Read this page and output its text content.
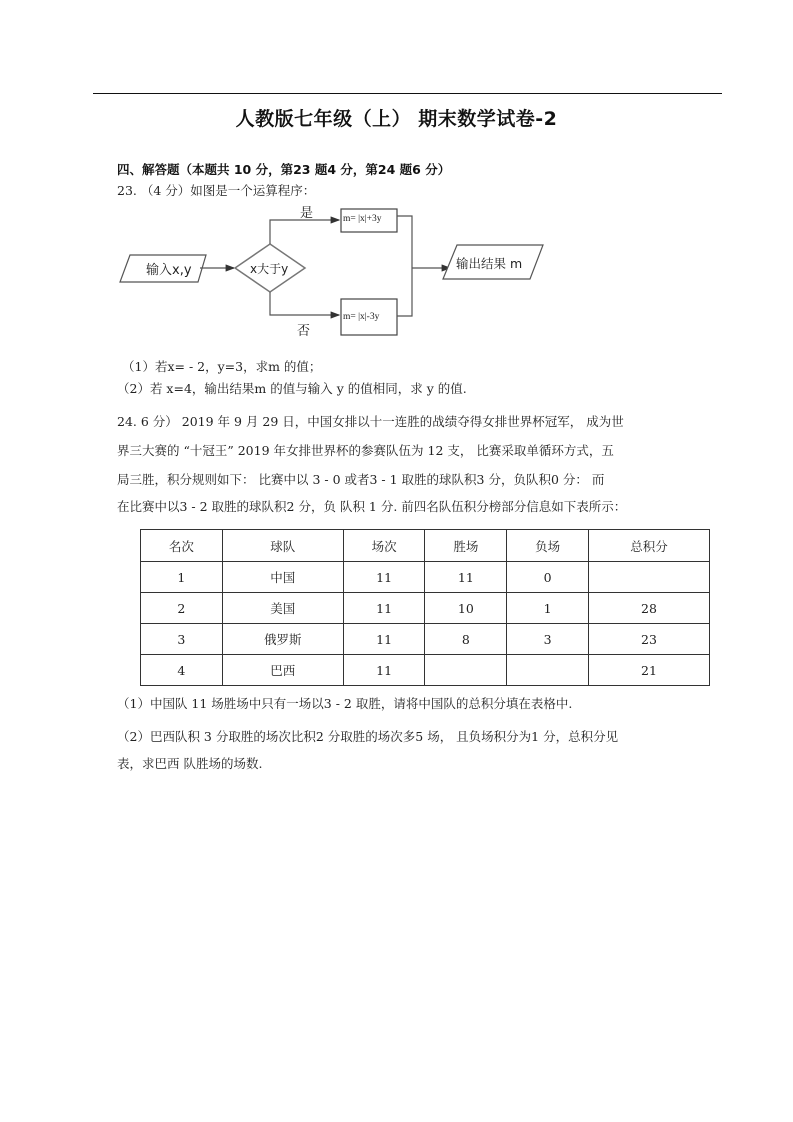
人教版七年级（上） 期末数学试卷-2
四、解答题（本题共 10 分，第23 题4 分，第24 题6 分）
23. （4 分）如图是一个运算程序：
输入x,y	x大于y
是
否
m= |x|+3y
m= |x|-3y
输出结果 m
（1）若x= - 2，y=3，求m 的值；
（2）若 x=4，输出结果m 的值与输入 y 的值相同，求 y 的值.
24. 6 分） 2019 年 9 月 29 日，中国女排以十一连胜的战绩夺得女排世界杯冠军， 成为世
界三大赛的 “十冠王” 2019 年女排世界杯的参赛队伍为 12 支， 比赛采取单循环方式，五
局三胜，积分规则如下： 比赛中以 3 - 0 或者3 - 1 取胜的球队积3 分，负队积0 分： 而
在比赛中以3 - 2 取胜的球队积2 分，负 队积 1 分. 前四名队伍积分榜部分信息如下表所示：
名次	球队	场次	胜场	负场	总积分
1	中国	11	11	0	
2	美国	11	10	1	28
3	俄罗斯	11	8	3	23
4	巴西	11			21
（1）中国队 11 场胜场中只有一场以3 - 2 取胜，请将中国队的总积分填在表格中.
（2）巴西队积 3 分取胜的场次比积2 分取胜的场次多5 场， 且负场积分为1 分，总积分见
表，求巴西 队胜场的场数.
